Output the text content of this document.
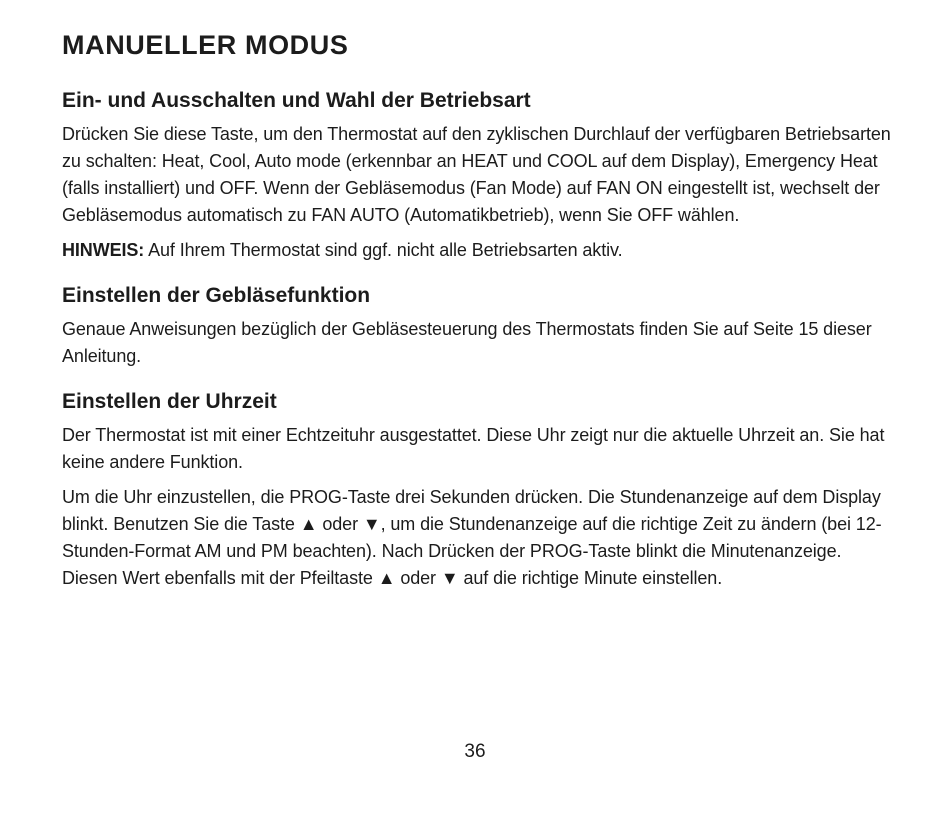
MANUELLER MODUS
Ein- und Ausschalten und Wahl der Betriebsart

Drücken Sie diese Taste, um den Thermostat auf den zyklischen Durchlauf der verfügbaren Betriebsarten zu schalten: Heat, Cool, Auto mode (erkennbar an HEAT und COOL auf dem Display), Emergency Heat (falls installiert) und OFF. Wenn der Gebläsemodus (Fan Mode) auf FAN ON eingestellt ist, wechselt der Gebläsemodus automatisch zu FAN AUTO (Automatikbetrieb), wenn Sie OFF wählen.

HINWEIS: Auf Ihrem Thermostat sind ggf. nicht alle Betriebsarten aktiv.

Einstellen der Gebläsefunktion

Genaue Anweisungen bezüglich der Gebläsesteuerung des Thermostats finden Sie auf Seite 15 dieser Anleitung.

Einstellen der Uhrzeit

Der Thermostat ist mit einer Echtzeituhr ausgestattet. Diese Uhr zeigt nur die aktuelle Uhrzeit an. Sie hat keine andere Funktion.

Um die Uhr einzustellen, die PROG-Taste drei Sekunden drücken. Die Stundenanzeige auf dem Display blinkt. Benutzen Sie die Taste ▲ oder ▼, um die Stundenanzeige auf die richtige Zeit zu ändern (bei 12-Stunden-Format AM und PM beachten). Nach Drücken der PROG-Taste blinkt die Minutenanzeige. Diesen Wert ebenfalls mit der Pfeiltaste ▲ oder ▼ auf die richtige Minute einstellen.

36
